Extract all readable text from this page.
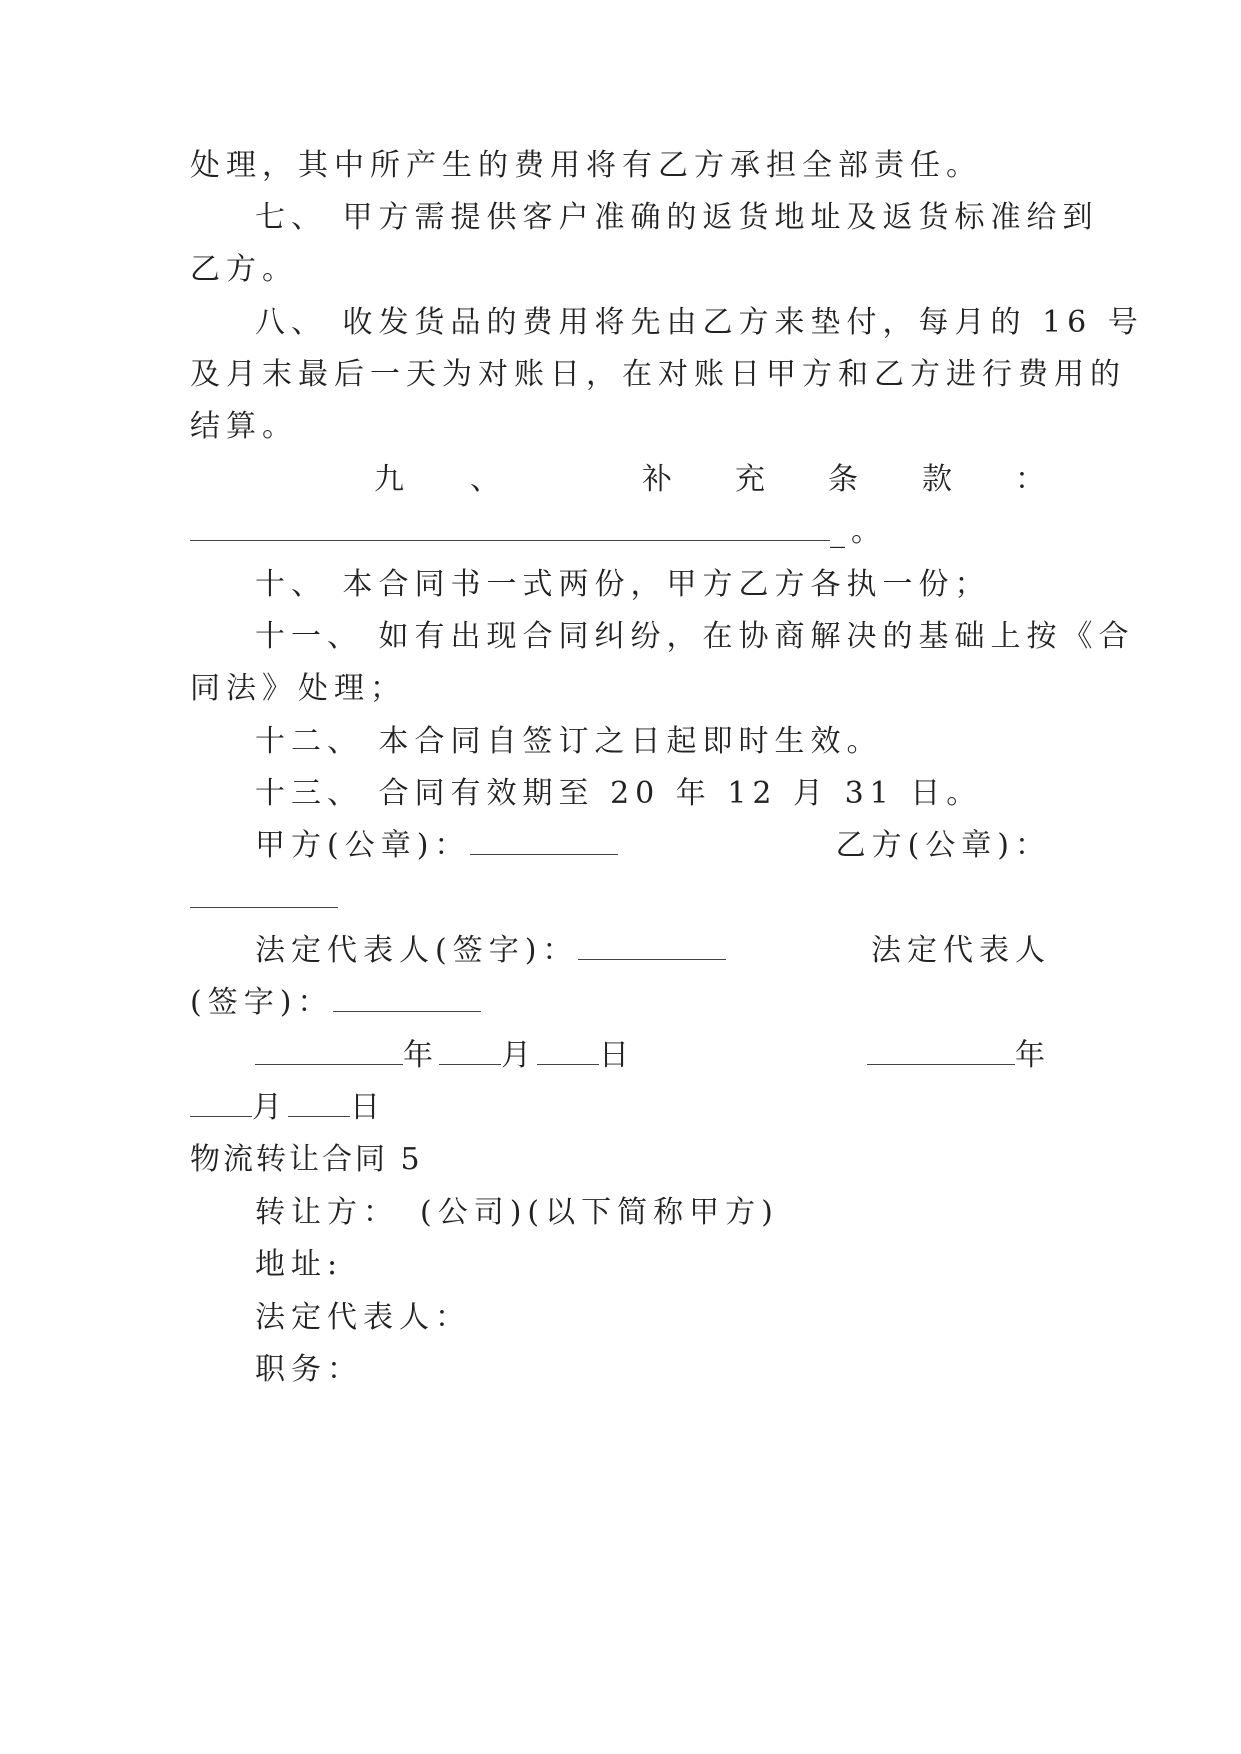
处理，其中所产生的费用将有乙方承担全部责任。

七、 甲方需提供客户准确的返货地址及返货标准给到

乙方。

八、 收发货品的费用将先由乙方来垫付，每月的 16 号

及月末最后一天为对账日，在对账日甲方和乙方进行费用的

结算。

九 、	补 充 条 款 ：

_。

十、 本合同书一式两份，甲方乙方各执一份；

十一、 如有出现合同纠纷，在协商解决的基础上按《合

同法》处理；

十二、 本合同自签订之日起即时生效。

十三、 合同有效期至 20 年 12 月 31 日。

甲方(公章)：	乙方(公章)：

法定代表人(签字)：	法定代表人

(签字)：

年 月 日	年

月 日

物流转让合同 5

转让方：　(公司)(以下简称甲方)

地址:

法定代表人：

职务：
